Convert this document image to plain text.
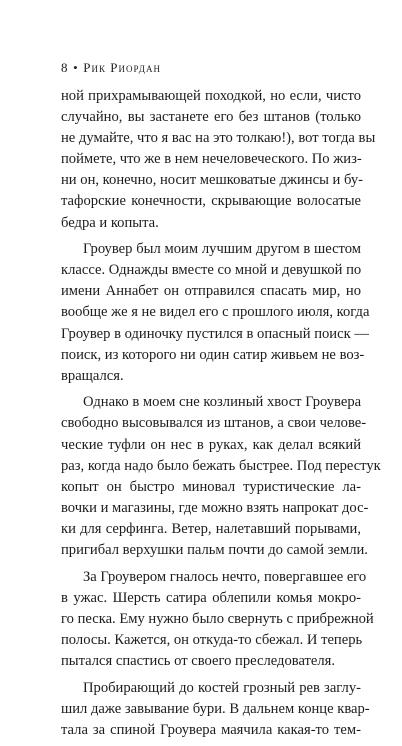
8 • Рик Риордан
ной прихрамывающей походкой, но если, чисто
случайно, вы застанете его без штанов (только
не думайте, что я вас на это толкаю!), вот тогда вы
поймете, что же в нем нечеловеческого. По жиз-
ни он, конечно, носит мешковатые джинсы и бу-
тафорские конечности, скрывающие волосатые
бедра и копыта.
Гроувер был моим лучшим другом в шестом
классе. Однажды вместе со мной и девушкой по
имени Аннабет он отправился спасать мир, но
вообще же я не видел его с прошлого июля, когда
Гроувер в одиночку пустился в опасный поиск —
поиск, из которого ни один сатир живьем не воз-
вращался.
Однако в моем сне козлиный хвост Гроувера
свободно высовывался из штанов, а свои челове-
ческие туфли он нес в руках, как делал всякий
раз, когда надо было бежать быстрее. Под перестук
копыт он быстро миновал туристические ла-
вочки и магазины, где можно взять напрокат дос-
ки для серфинга. Ветер, налетавший порывами,
пригибал верхушки пальм почти до самой земли.
За Гроувером гналось нечто, повергавшее его
в ужас. Шерсть сатира облепили комья мокро-
го песка. Ему нужно было свернуть с прибрежной
полосы. Кажется, он откуда-то сбежал. И теперь
пытался спастись от своего преследователя.
Пробирающий до костей грозный рев заглу-
шил даже завывание бури. В дальнем конце квар-
тала за спиной Гроувера маячила какая-то тем-
